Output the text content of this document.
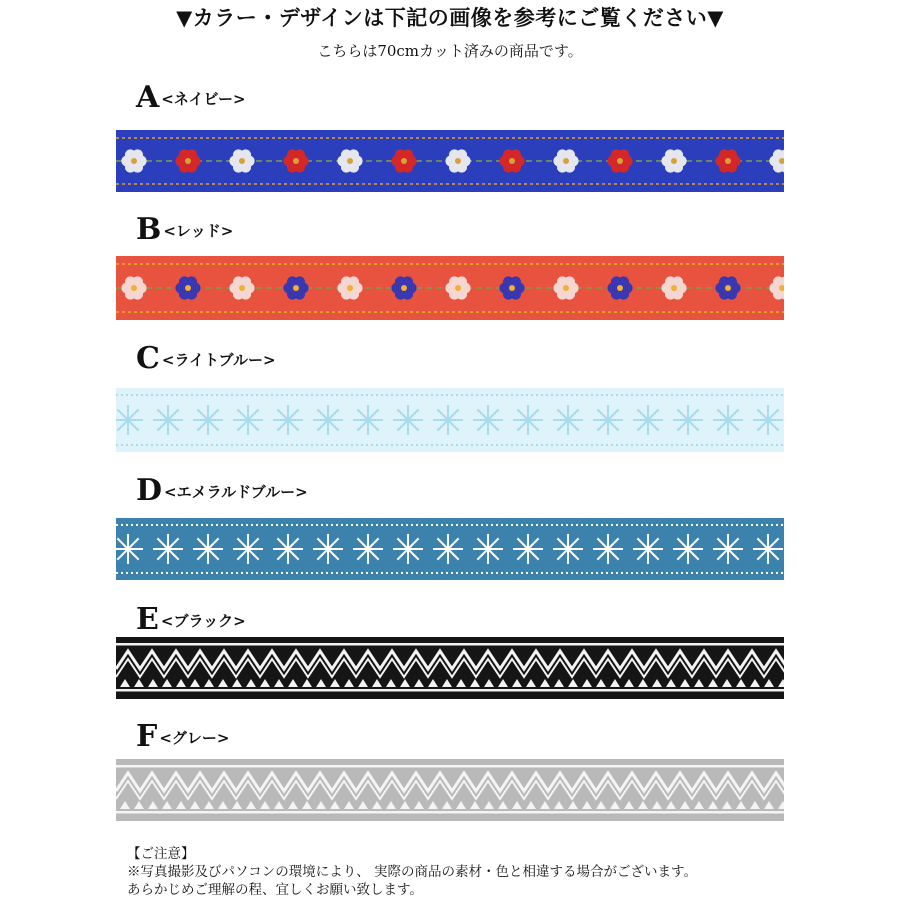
▼カラー・デザインは下記の画像を参考にご覧ください▼
こちらは70cmカット済みの商品です。
A <ネイビー>
B <レッド>
C <ライトブルー>
D <エメラルドブルー>
E <ブラック>
F <グレー>
【ご注意】
※写真撮影及びパソコンの環境により、 実際の商品の素材・色と相違する場合がございます。
あらかじめご理解の程、宜しくお願い致します。
